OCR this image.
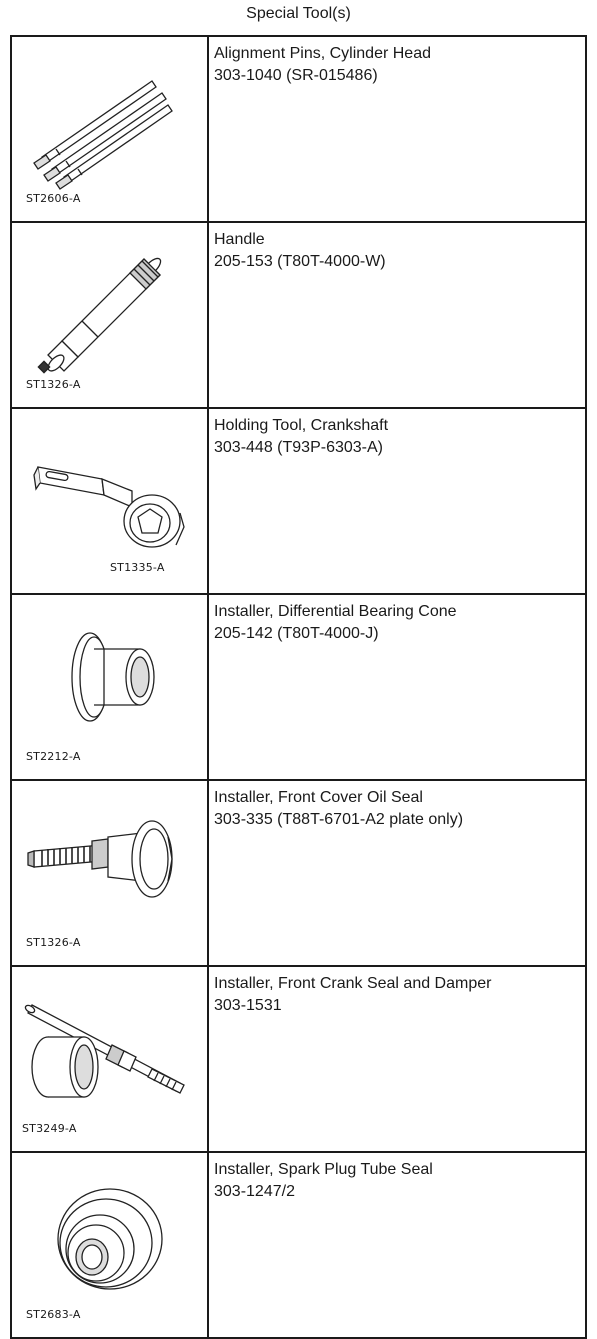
Special Tool(s)
ST2606-A	Alignment Pins, Cylinder Head
303-1040 (SR-015486)

ST1326-A	Handle
205-153 (T80T-4000-W)

ST1335-A	Holding Tool, Crankshaft
303-448 (T93P-6303-A)

ST2212-A	Installer, Differential Bearing Cone
205-142 (T80T-4000-J)

ST1326-A	Installer, Front Cover Oil Seal
303-335 (T88T-6701-A2 plate only)

ST3249-A	Installer, Front Crank Seal and Damper
303-1531

ST2683-A	Installer, Spark Plug Tube Seal
303-1247/2
